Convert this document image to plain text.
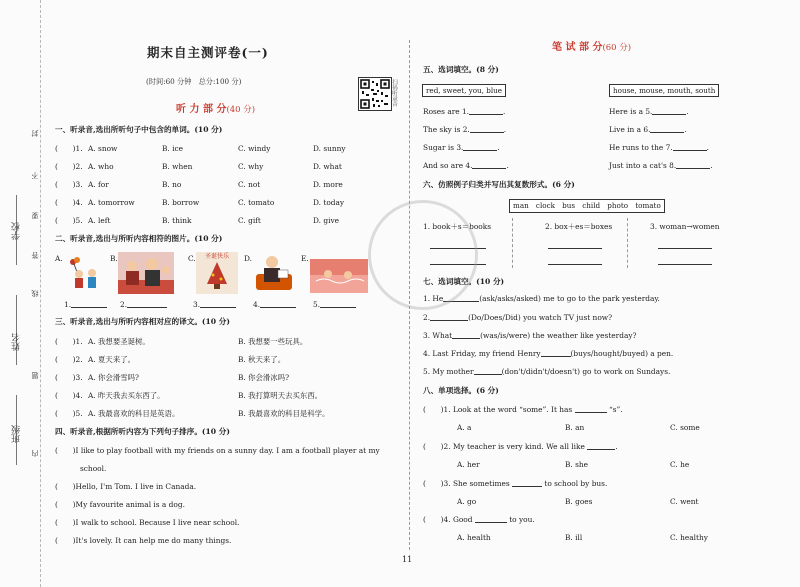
学校
姓名
班级
封
线
内
不
要
答
题
期末自主测评卷(一)
(时间:60 分钟　总分:100 分)	扫码听录音
听 力 部 分(40 分)
一、听录音,选出所听句子中包含的单词。(10 分)
(　　)1. A. snow	B. ice	C. windy	D. sunny
(　　)2. A. who	B. when	C. why	D. what
(　　)3. A. for	B. no	C. not	D. more
(　　)4. A. tomorrow	B. borrow	C. tomato	D. today
(　　)5. A. left	B. think	C. gift	D. give
二、听录音,选出与所听内容相符的图片。(10 分)
A.	B.	C.	D.	E.
圣诞快乐
1.	2.	3.	4.	5.
三、听录音,选出与所听内容相对应的译文。(10 分)
(　　)1. A. 我想要圣诞树。	B. 我想要一些玩具。
(　　)2. A. 夏天来了。	B. 秋天来了。
(　　)3. A. 你会滑雪吗?	B. 你会滑冰吗?
(　　)4. A. 昨天我去买东西了。	B. 我打算明天去买东西。
(　　)5. A. 我最喜欢的科目是英语。	B. 我最喜欢的科目是科学。
四、听录音,根据所听内容为下列句子排序。(10 分)
(　　)I like to play football with my friends on a sunny day. I am a football player at my
school.
(　　)Hello, I'm Tom. I live in Canada.
(　　)My favourite animal is a dog.
(　　)I walk to school. Because I live near school.
(　　)It's lovely. It can help me do many things.
笔 试 部 分(60 分)
五、选词填空。(8 分)
red, sweet, you, blue	house, mouse, mouth, south
Roses are 1.	.
The sky is 2.	.
Sugar is 3.	.
And so are 4.	.
Here is a 5.	.
Live in a 6.	.
He runs to the 7.	.
Just into a cat's 8.	.
六、仿照例子归类并写出其复数形式。(6 分)
man　clock　bus　child　photo　tomato
1. book＋s＝books	2. box＋es＝boxes	3. woman→women
七、选词填空。(10 分)
1. He	(ask/asks/asked) me to go to the park yesterday.
2.	(Do/Does/Did) you watch TV just now?
3. What	(was/is/were) the weather like yesterday?
4. Last Friday, my friend Henry	(buys/hought/buyed) a pen.
5. My mother	(don't/didn't/doesn't) go to work on Sundays.
八、单项选择。(6 分)
(　　)1. Look at the word “some”. It has	“s”.
A. a	B. an	C. some
(　　)2. My teacher is very kind. We all like	.
A. her	B. she	C. he
(　　)3. She sometimes	to school by bus.
A. go	B. goes	C. went
(　　)4. Good	to you.
A. health	B. ill	C. healthy
11
